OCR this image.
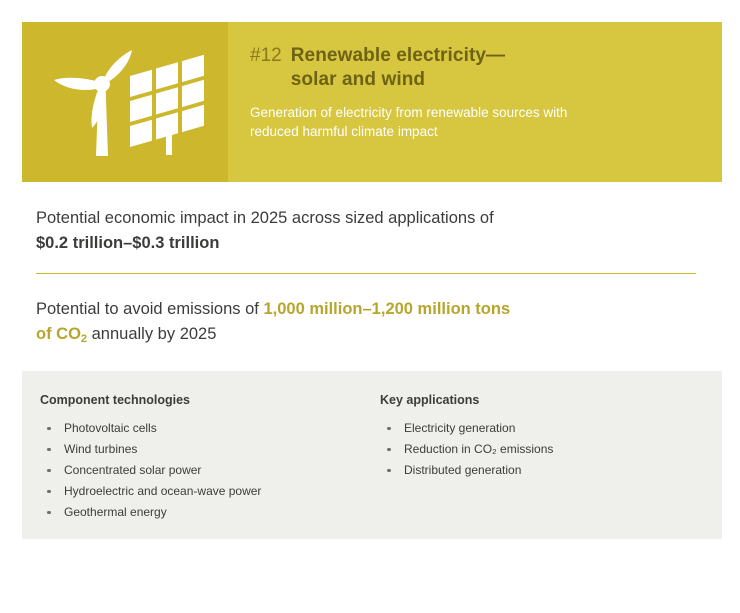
#12 Renewable electricity—
solar and wind
Generation of electricity from renewable sources with reduced harmful climate impact

Potential economic impact in 2025 across sized applications of

$0.2 trillion–$0.3 trillion

Potential to avoid emissions of 1,000 million–1,200 million tons

of $CO_2$ annually by 2025

Component technologies

Photovoltaic cells
Wind turbines
Concentrated solar power
Hydroelectric and ocean-wave power
Geothermal energy

Key applications

Electricity generation
Reduction in CO₂ emissions
Distributed generation
